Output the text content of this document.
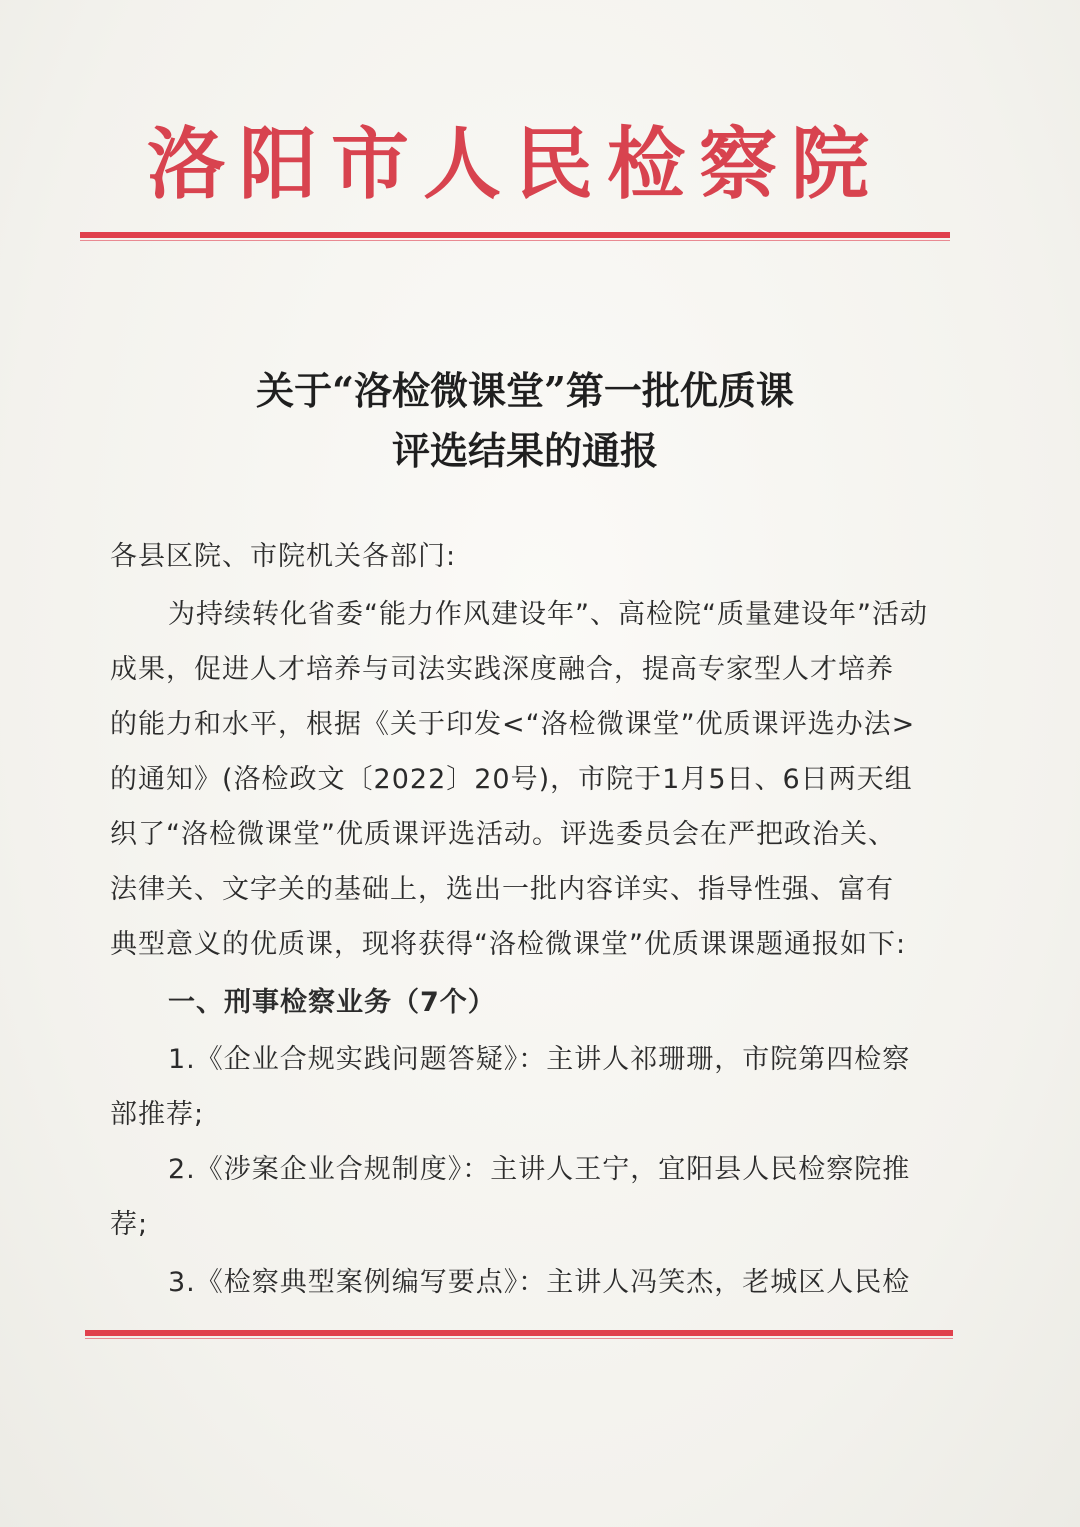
洛阳市人民检察院
关于“洛检微课堂”第一批优质课
评选结果的通报
各县区院、市院机关各部门:
为持续转化省委“能力作风建设年”、高检院“质量建设年”活动
成果，促进人才培养与司法实践深度融合，提高专家型人才培养
的能力和水平，根据《关于印发<“洛检微课堂”优质课评选办法>
的通知》(洛检政文〔2022〕20号)，市院于1月5日、6日两天组
织了“洛检微课堂”优质课评选活动。评选委员会在严把政治关、
法律关、文字关的基础上，选出一批内容详实、指导性强、富有
典型意义的优质课，现将获得“洛检微课堂”优质课课题通报如下:
一、刑事检察业务（7个）
1.《企业合规实践问题答疑》：主讲人祁珊珊，市院第四检察
部推荐;
2.《涉案企业合规制度》：主讲人王宁，宜阳县人民检察院推
荐;
3.《检察典型案例编写要点》：主讲人冯笑杰，老城区人民检
